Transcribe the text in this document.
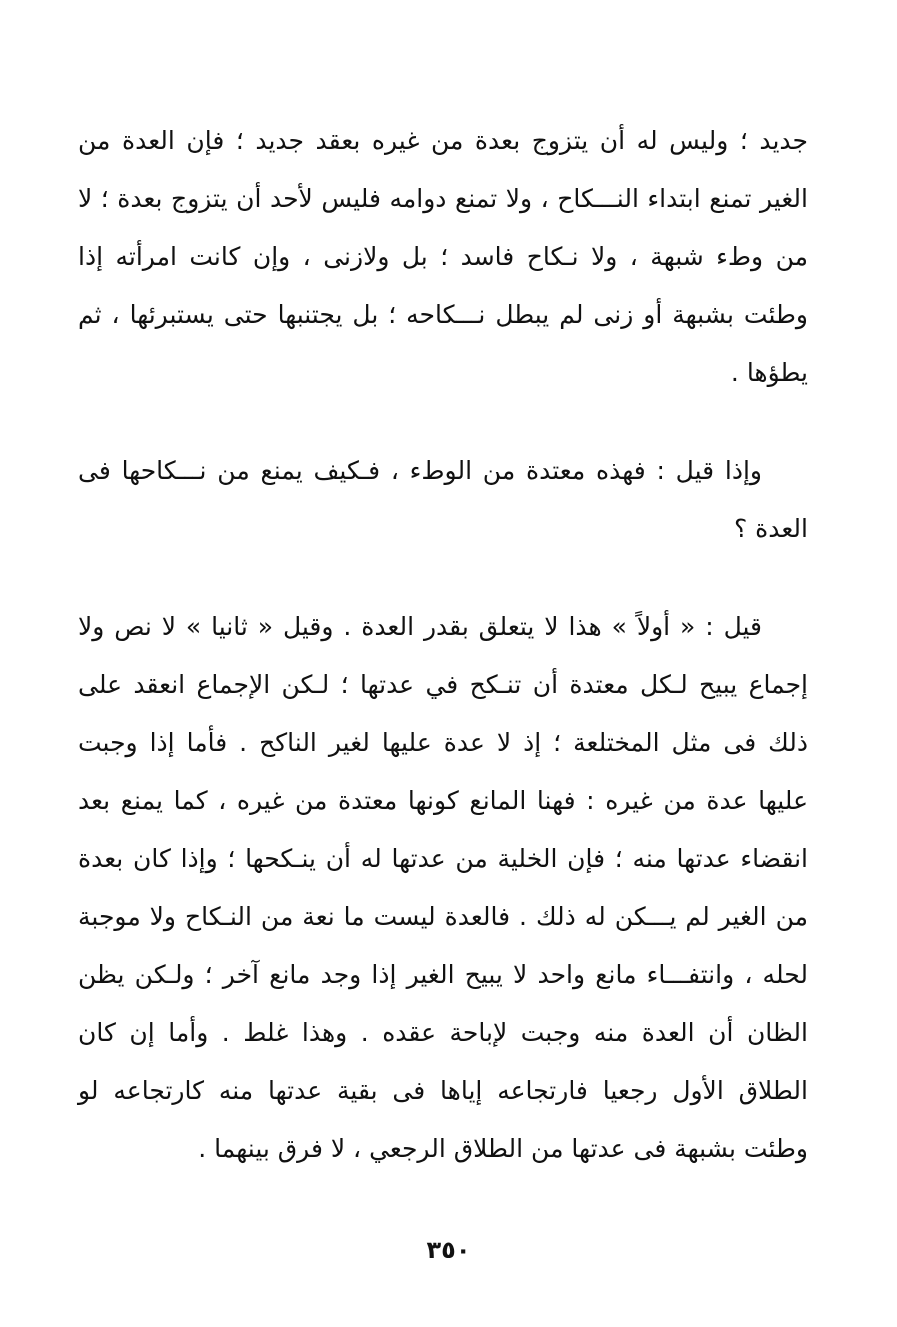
جديد ؛ وليس له أن يتزوج بعدة من غيره بعقد جديد ؛ فإن العدة من الغير تمنع ابتداء النـــكاح ، ولا تمنع دوامه فليس لأحد أن يتزوج بعدة ؛ لا من وطء شبهة ، ولا نـكاح فاسد ؛ بل ولازنى ، وإن كانت امرأته إذا وطئت بشبهة أو زنى لم يبطل نـــكاحه ؛ بل يجتنبها حتى يستبرئها ، ثم يطؤها .

وإذا قيل : فهذه معتدة من الوطء ، فـكيف يمنع من نـــكاحها فى العدة ؟

قيل : « أولاً » هذا لا يتعلق بقدر العدة . وقيل « ثانيا » لا نص ولا إجماع يبيح لـكل معتدة أن تنـكح في عدتها ؛ لـكن الإجماع انعقد على ذلك فى مثل المختلعة ؛ إذ لا عدة عليها لغير الناكح . فأما إذا وجبت عليها عدة من غيره : فهنا المانع كونها معتدة من غيره ، كما يمنع بعد انقضاء عدتها منه ؛ فإن الخلية من عدتها له أن ينـكحها ؛ وإذا كان بعدة من الغير لم يـــكن له ذلك . فالعدة ليست ما نعة من النـكاح ولا موجبة لحله ، وانتفـــاء مانع واحد لا يبيح الغير إذا وجد مانع آخر ؛ ولـكن يظن الظان أن العدة منه وجبت لإباحة عقده . وهذا غلط . وأما إن كان الطلاق الأول رجعيا فارتجاعه إياها فى بقية عدتها منه كارتجاعه لو وطئت بشبهة فى عدتها من الطلاق الرجعي ، لا فرق بينهما .

٣٥٠
